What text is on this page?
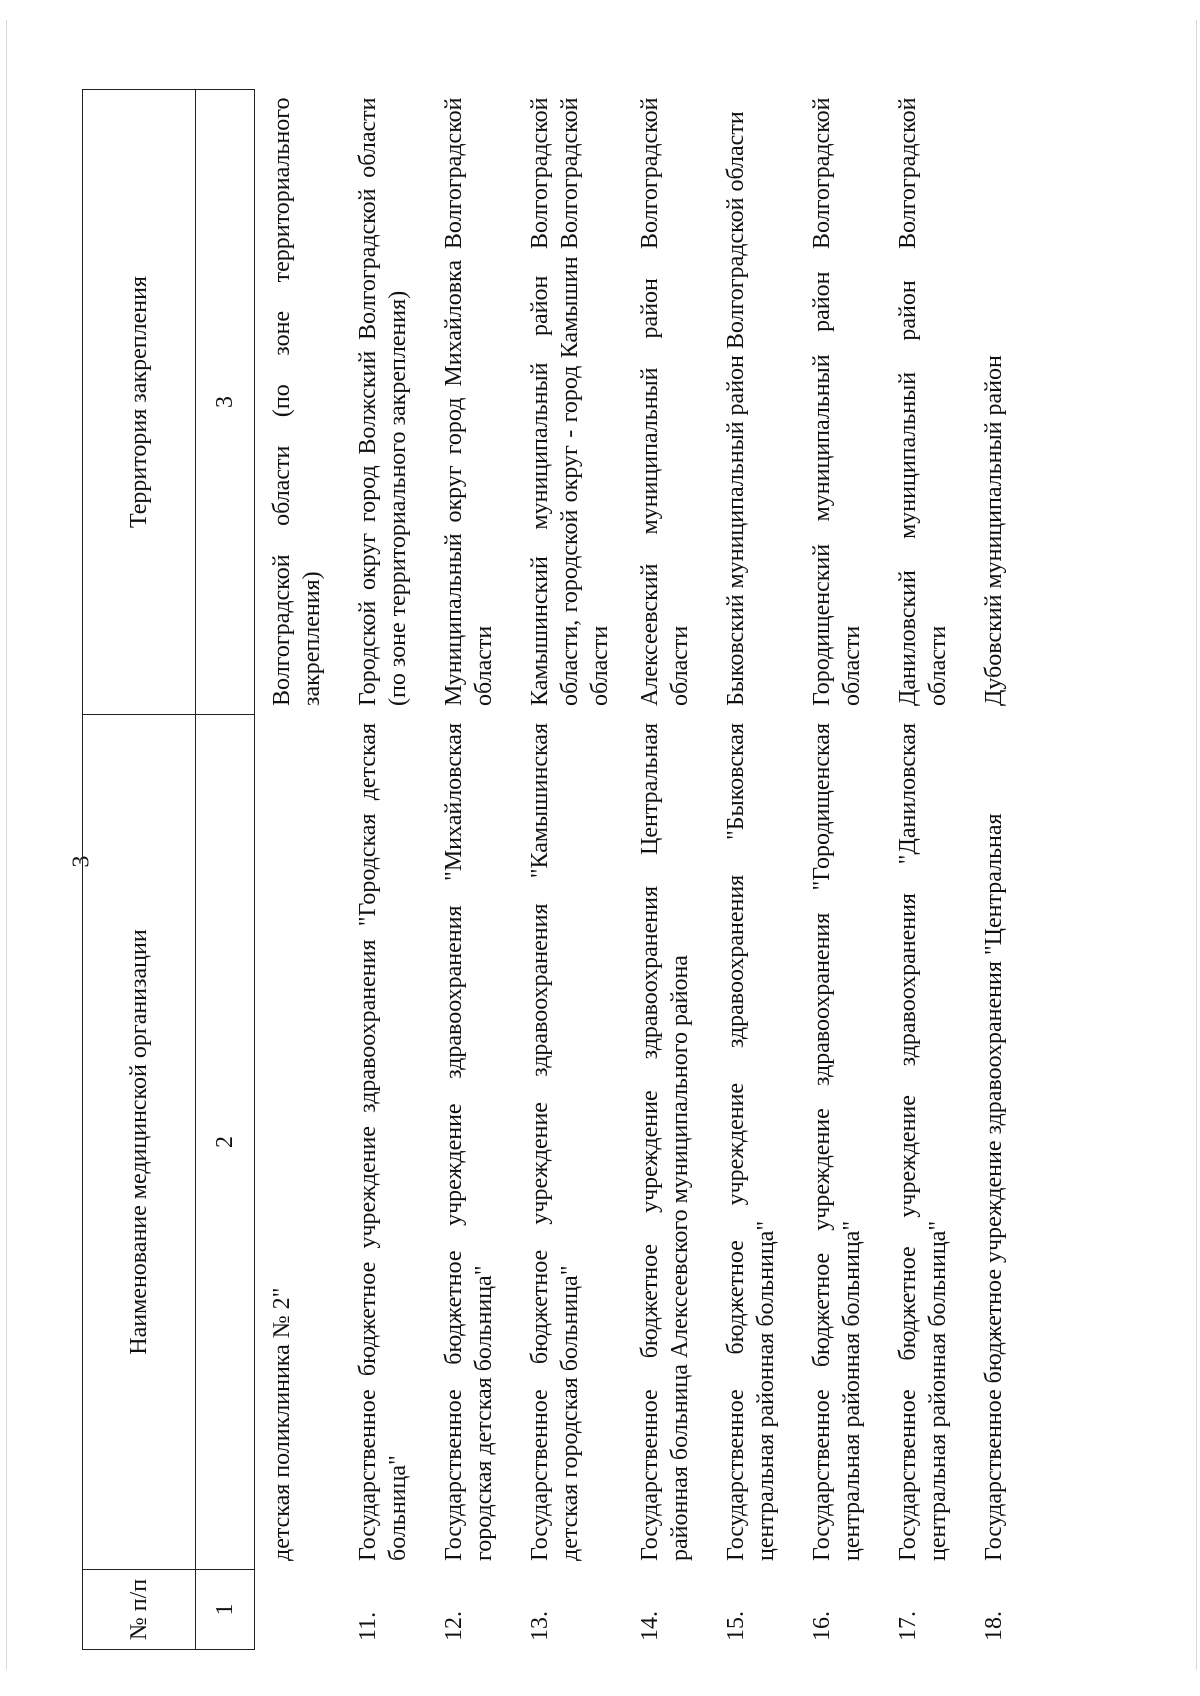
3
№ п/п	Наименование медицинской организации	Территория закрепления
1	2	3
	детская поликлиника № 2"	Волгоградской области (по зоне территориального закрепления)
11.	Государственное бюджетное учреждение здравоохранения "Городская детская больница"	Городской округ город Волжский Волгоградской области (по зоне территориального закрепления)
12.	Государственное бюджетное учреждение здравоохранения "Михайловская городская детская больница"	Муниципальный округ город Михайловка Волгоградской области
13.	Государственное бюджетное учреждение здравоохранения "Камышинская детская городская больница"	Камышинский муниципальный район Волгоградской области, городской округ - город Камышин Волгоградской области
14.	Государственное бюджетное учреждение здравоохранения Центральная районная больница Алексеевского муниципального района	Алексеевский муниципальный район Волгоградской области
15.	Государственное бюджетное учреждение здравоохранения "Быковская центральная районная больница"	Быковский муниципальный район Волгоградской области
16.	Государственное бюджетное учреждение здравоохранения "Городищенская центральная районная больница"	Городищенский муниципальный район Волгоградской области
17.	Государственное бюджетное учреждение здравоохранения "Даниловская центральная районная больница"	Даниловский муниципальный район Волгоградской области
18.	Государственное бюджетное учреждение здравоохранения "Центральная	Дубовский муниципальный район
